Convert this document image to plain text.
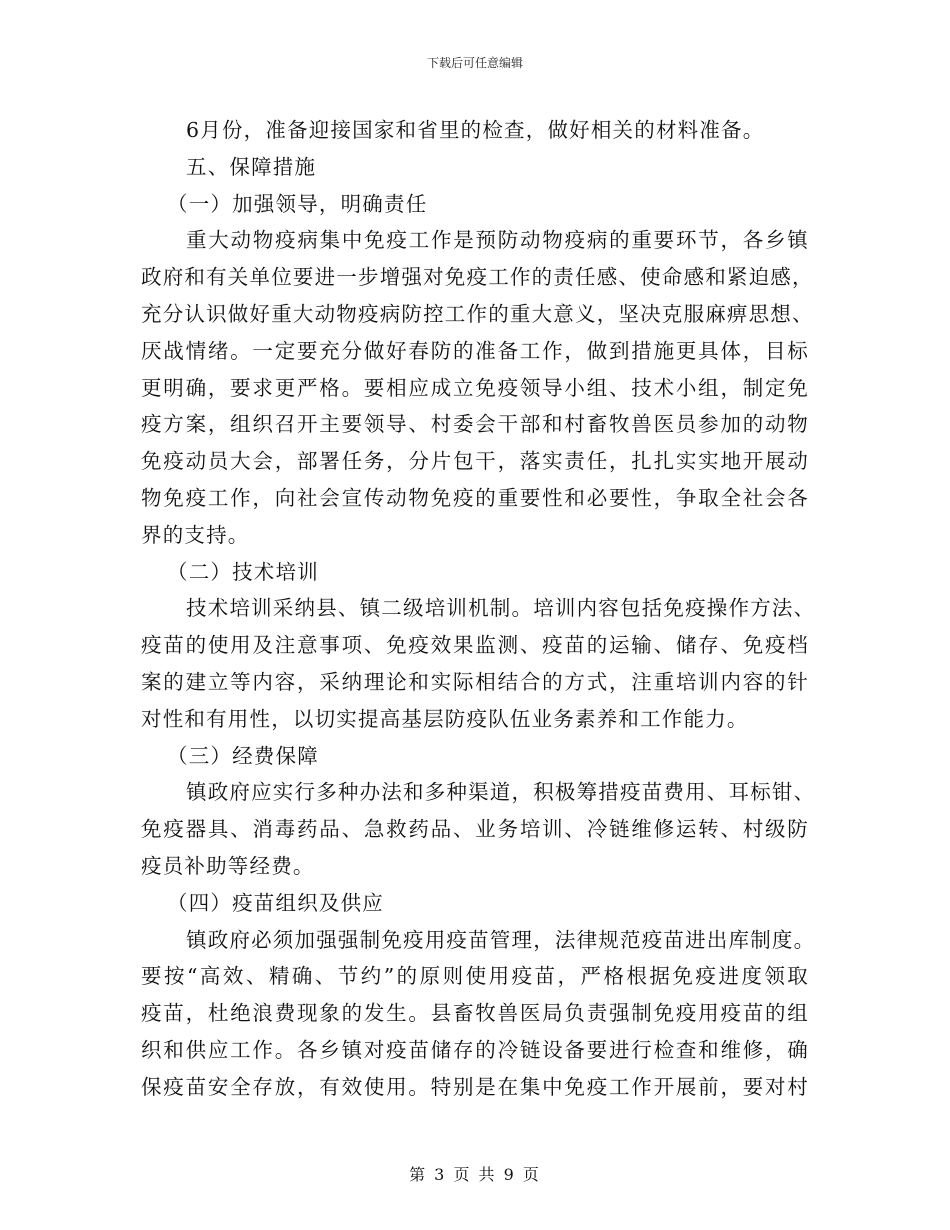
下载后可任意编辑
6月份，准备迎接国家和省里的检查，做好相关的材料准备。
五、保障措施
（一）加强领导，明确责任
重大动物疫病集中免疫工作是预防动物疫病的重要环节，各乡镇
政府和有关单位要进一步增强对免疫工作的责任感、使命感和紧迫感，
充分认识做好重大动物疫病防控工作的重大意义，坚决克服麻痹思想、
厌战情绪。一定要充分做好春防的准备工作，做到措施更具体，目标
更明确，要求更严格。要相应成立免疫领导小组、技术小组，制定免
疫方案，组织召开主要领导、村委会干部和村畜牧兽医员参加的动物
免疫动员大会，部署任务，分片包干，落实责任，扎扎实实地开展动
物免疫工作，向社会宣传动物免疫的重要性和必要性，争取全社会各
界的支持。
（二）技术培训
技术培训采纳县、镇二级培训机制。培训内容包括免疫操作方法、
疫苗的使用及注意事项、免疫效果监测、疫苗的运输、储存、免疫档
案的建立等内容，采纳理论和实际相结合的方式，注重培训内容的针
对性和有用性，以切实提高基层防疫队伍业务素养和工作能力。
（三）经费保障
镇政府应实行多种办法和多种渠道，积极筹措疫苗费用、耳标钳、
免疫器具、消毒药品、急救药品、业务培训、冷链维修运转、村级防
疫员补助等经费。
（四）疫苗组织及供应
镇政府必须加强强制免疫用疫苗管理，法律规范疫苗进出库制度。
要按“高效、精确、节约”的原则使用疫苗，严格根据免疫进度领取
疫苗，杜绝浪费现象的发生。县畜牧兽医局负责强制免疫用疫苗的组
织和供应工作。各乡镇对疫苗储存的冷链设备要进行检查和维修，确
保疫苗安全存放，有效使用。特别是在集中免疫工作开展前，要对村
第 3 页 共 9 页
